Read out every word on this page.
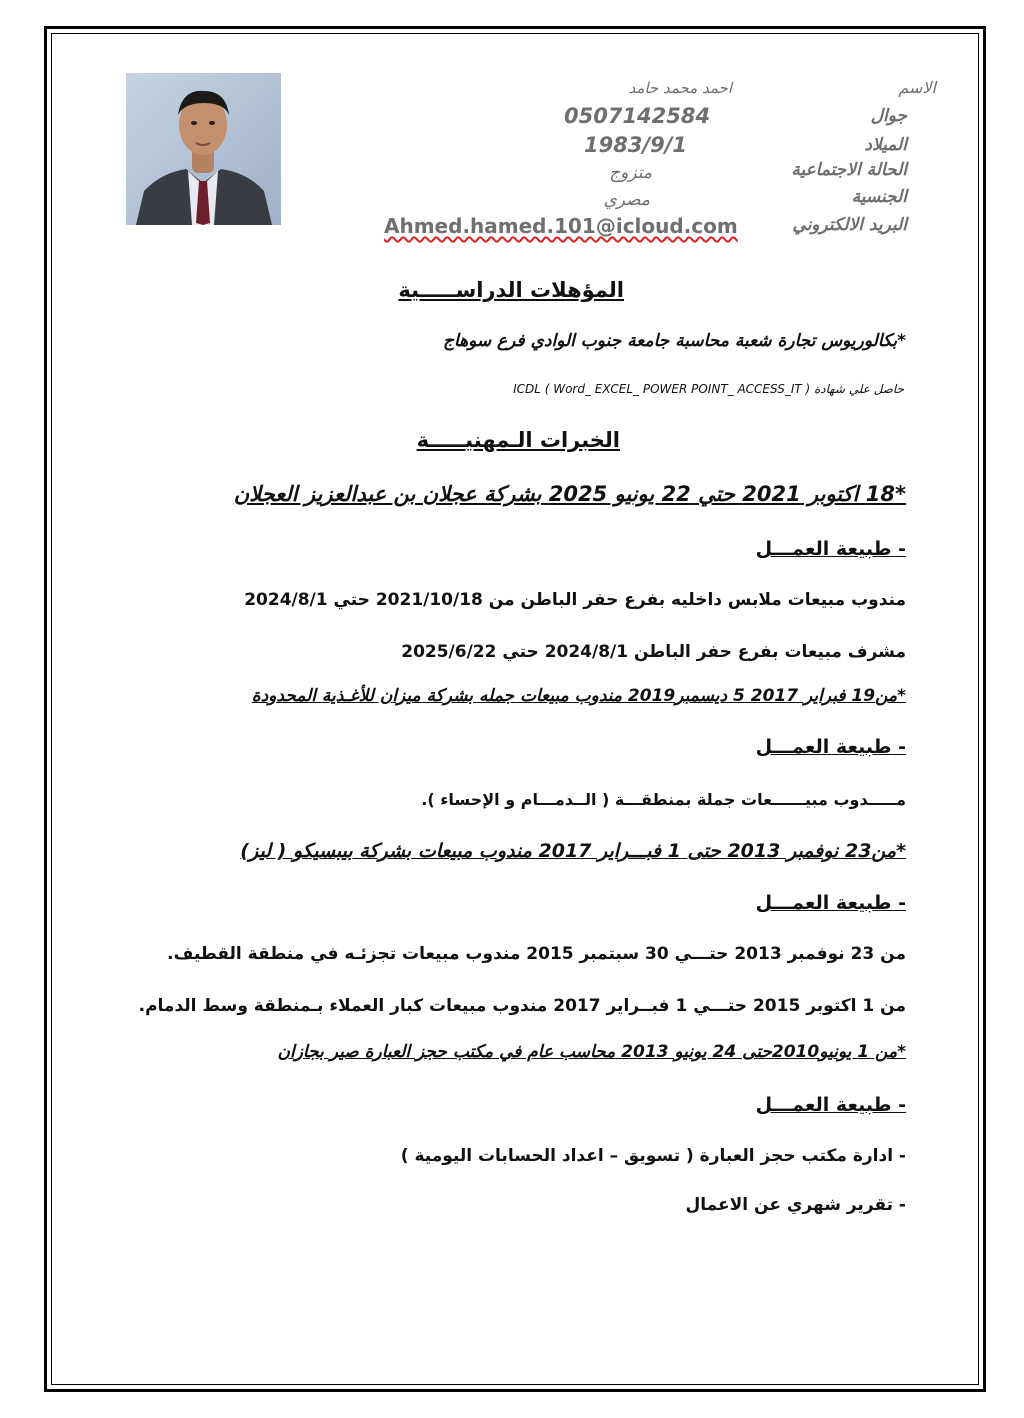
الاسم
جوال
الميلاد
الحالة الاجتماعية
الجنسية
البريد الالكتروني
احمد محمد حامد
0507142584
1983/9/1
متزوج
مصري
Ahmed.hamed.101@icloud.com
المؤهلات الدراســـــية
*بكالوريوس تجارة شعبة محاسبة جامعة جنوب الوادي فرع سوهاج
حاصل علي شهادة ICDL ( Word_ EXCEL_ POWER POINT_ ACCESS_IT )
الخبرات الـمهنيـــــة
*18 اكتوبر 2021 حتي 22 يونيو 2025 بشركة عجلان بن عبدالعزيز العجلان
- طبيعة العمـــل
مندوب مبيعات ملابس داخليه بفرع حفر الباطن من 2021/10/18 حتي 2024/8/1
مشرف مبيعات بفرع حفر الباطن 2024/8/1 حتي 2025/6/22
*من19 فبراير 2017 5 ديسمبر2019 مندوب مبيعات جمله بشركة ميزان للأغـذية المحدودة
- طبيعة العمـــل
مـــــدوب مبيــــــعات جملة بمنطقـــة ( الــدمـــام و الإحساء ).
*من23 نوفمبر 2013 حتى 1 فبـــراير 2017 مندوب مبيعات بشركة بيبسيكو ( ليز)
- طبيعة العمـــل
من 23 نوفمبر 2013 حتـــي 30 سبتمبر 2015 مندوب مبيعات تجزئـه في منطقة القطيف.
من 1 اكتوبر 2015 حتـــي 1 فبــراير 2017 مندوب مبيعات كبار العملاء بـمنطقة وسط الدمام.
*من 1 يونيو2010حتى 24 يونيو 2013 محاسب عام في مكتب حجز العبارة صير بجازان
- طبيعة العمـــل
- ادارة مكتب حجز العبارة ( تسويق – اعداد الحسابات اليومية )
- تقرير شهري عن الاعمال
